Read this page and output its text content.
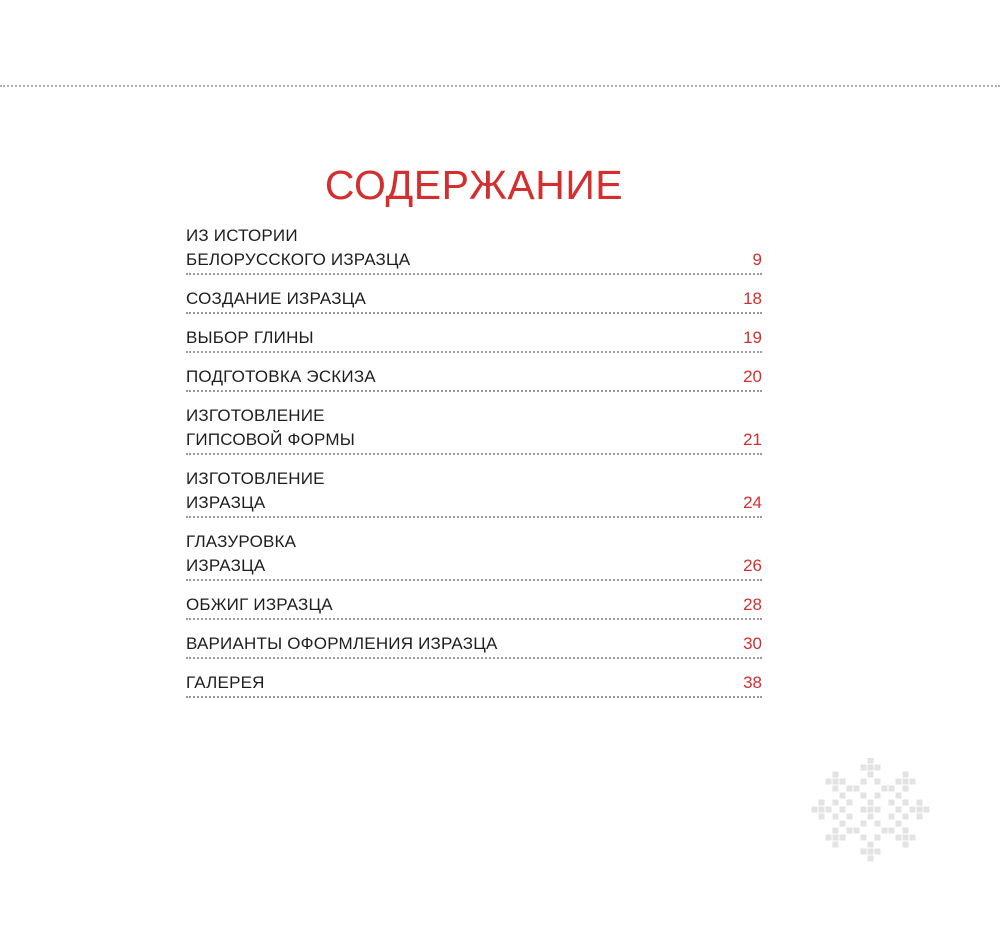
СОДЕРЖАНИЕ
ИЗ ИСТОРИИ
БЕЛОРУССКОГО ИЗРАЗЦА	9
СОЗДАНИЕ ИЗРАЗЦА	18
ВЫБОР ГЛИНЫ	19
ПОДГОТОВКА ЭСКИЗА	20
ИЗГОТОВЛЕНИЕ
ГИПСОВОЙ ФОРМЫ	21
ИЗГОТОВЛЕНИЕ
ИЗРАЗЦА	24
ГЛАЗУРОВКА
ИЗРАЗЦА	26
ОБЖИГ ИЗРАЗЦА	28
ВАРИАНТЫ ОФОРМЛЕНИЯ ИЗРАЗЦА	30
ГАЛЕРЕЯ	38
